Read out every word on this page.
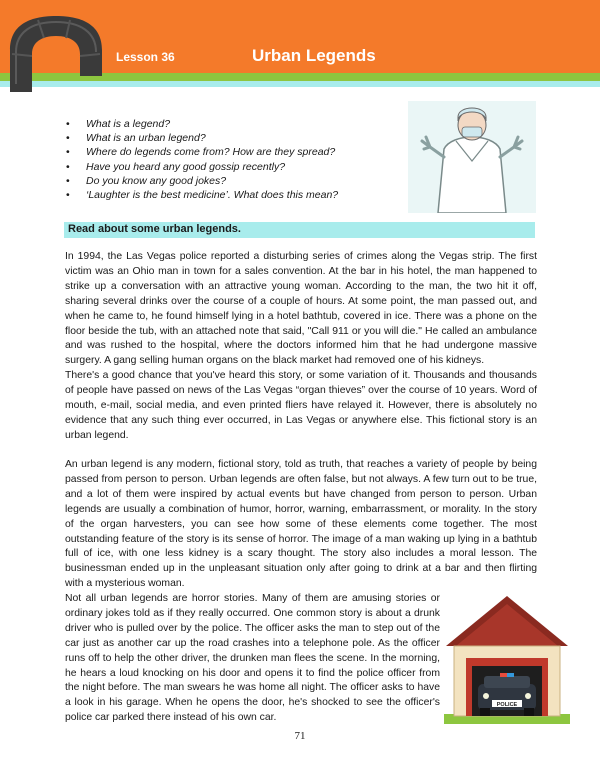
Lesson 36	Urban Legends
• What is a legend?
• What is an urban legend?
• Where do legends come from? How are they spread?
• Have you heard any good gossip recently?
• Do you know any good jokes?
• ‘Laughter is the best medicine’. What does this mean?
Read about some urban legends.

In 1994, the Las Vegas police reported a disturbing series of crimes along the Vegas strip. The first victim was an Ohio man in town for a sales convention. At the bar in his hotel, the man happened to strike up a conversation with an attractive young woman. According to the man, the two hit it off, sharing several drinks over the course of a couple of hours. At some point, the man passed out, and when he came to, he found himself lying in a hotel bathtub, covered in ice. There was a phone on the floor beside the tub, with an attached note that said, "Call 911 or you will die." He called an ambulance and was rushed to the hospital, where the doctors informed him that he had undergone massive surgery. A gang selling human organs on the black market had removed one of his kidneys.

There's a good chance that you've heard this story, or some variation of it. Thousands and thousands of people have passed on news of the Las Vegas “organ thieves” over the course of 10 years. Word of mouth, e-mail, social media, and even printed fliers have relayed it. However, there is absolutely no evidence that any such thing ever occurred, in Las Vegas or anywhere else. This fictional story is an urban legend.

An urban legend is any modern, fictional story, told as truth, that reaches a variety of people by being passed from person to person. Urban legends are often false, but not always. A few turn out to be true, and a lot of them were inspired by actual events but have changed from person to person. Urban legends are usually a combination of humor, horror, warning, embarrassment, or morality. In the story of the organ harvesters, you can see how some of these elements come together. The most outstanding feature of the story is its sense of horror. The image of a man waking up lying in a bathtub full of ice, with one less kidney is a scary thought. The story also includes a moral lesson. The businessman ended up in the unpleasant situation only after going to drink at a bar and then flirting with a mysterious woman.

Not all urban legends are horror stories. Many of them are amusing stories or ordinary jokes told as if they really occurred. One common story is about a drunk driver who is pulled over by the police. The officer asks the man to step out of the car just as another car up the road crashes into a telephone pole. As the officer runs off to help the other driver, the drunken man flees the scene. In the morning, he hears a loud knocking on his door and opens it to find the police officer from the night before. The man swears he was home all night. The officer asks to have a look in his garage. When he opens the door, he's shocked to see the officer's police car parked there instead of his own car.

POLICE
71
